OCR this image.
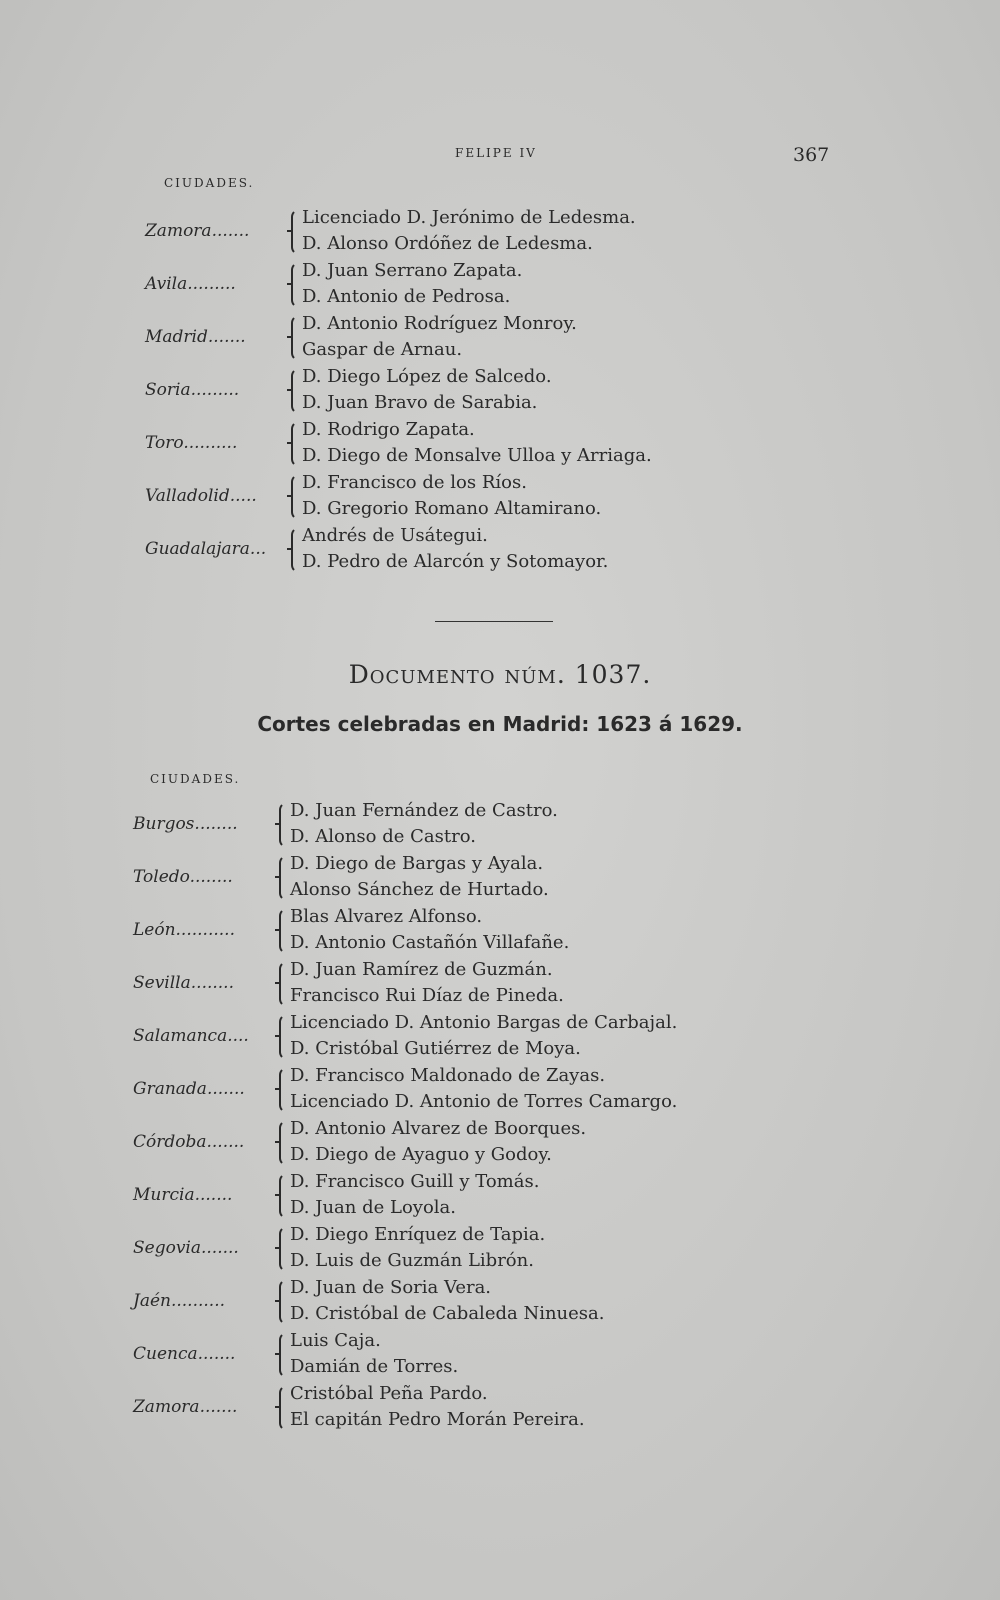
FELIPE IV	367
CIUDADES.
Zamora.......
Licenciado D. Jerónimo de Ledesma.
D. Alonso Ordóñez de Ledesma.
Avila.........
D. Juan Serrano Zapata.
D. Antonio de Pedrosa.
Madrid.......
D. Antonio Rodríguez Monroy.
Gaspar de Arnau.
Soria.........
D. Diego López de Salcedo.
D. Juan Bravo de Sarabia.
Toro..........
D. Rodrigo Zapata.
D. Diego de Monsalve Ulloa y Arriaga.
Valladolid.....
D. Francisco de los Ríos.
D. Gregorio Romano Altamirano.
Guadalajara...
Andrés de Usátegui.
D. Pedro de Alarcón y Sotomayor.
Documento núm. 1037.
Cortes celebradas en Madrid: 1623 á 1629.
CIUDADES.
Burgos........
D. Juan Fernández de Castro.
D. Alonso de Castro.
Toledo........
D. Diego de Bargas y Ayala.
Alonso Sánchez de Hurtado.
León...........
Blas Alvarez Alfonso.
D. Antonio Castañón Villafañe.
Sevilla........
D. Juan Ramírez de Guzmán.
Francisco Rui Díaz de Pineda.
Salamanca....
Licenciado D. Antonio Bargas de Carbajal.
D. Cristóbal Gutiérrez de Moya.
Granada.......
D. Francisco Maldonado de Zayas.
Licenciado D. Antonio de Torres Camargo.
Córdoba.......
D. Antonio Alvarez de Boorques.
D. Diego de Ayaguo y Godoy.
Murcia.......
D. Francisco Guill y Tomás.
D. Juan de Loyola.
Segovia.......
D. Diego Enríquez de Tapia.
D. Luis de Guzmán Librón.
Jaén..........
D. Juan de Soria Vera.
D. Cristóbal de Cabaleda Ninuesa.
Cuenca.......
Luis Caja.
Damián de Torres.
Zamora.......
Cristóbal Peña Pardo.
El capitán Pedro Morán Pereira.
